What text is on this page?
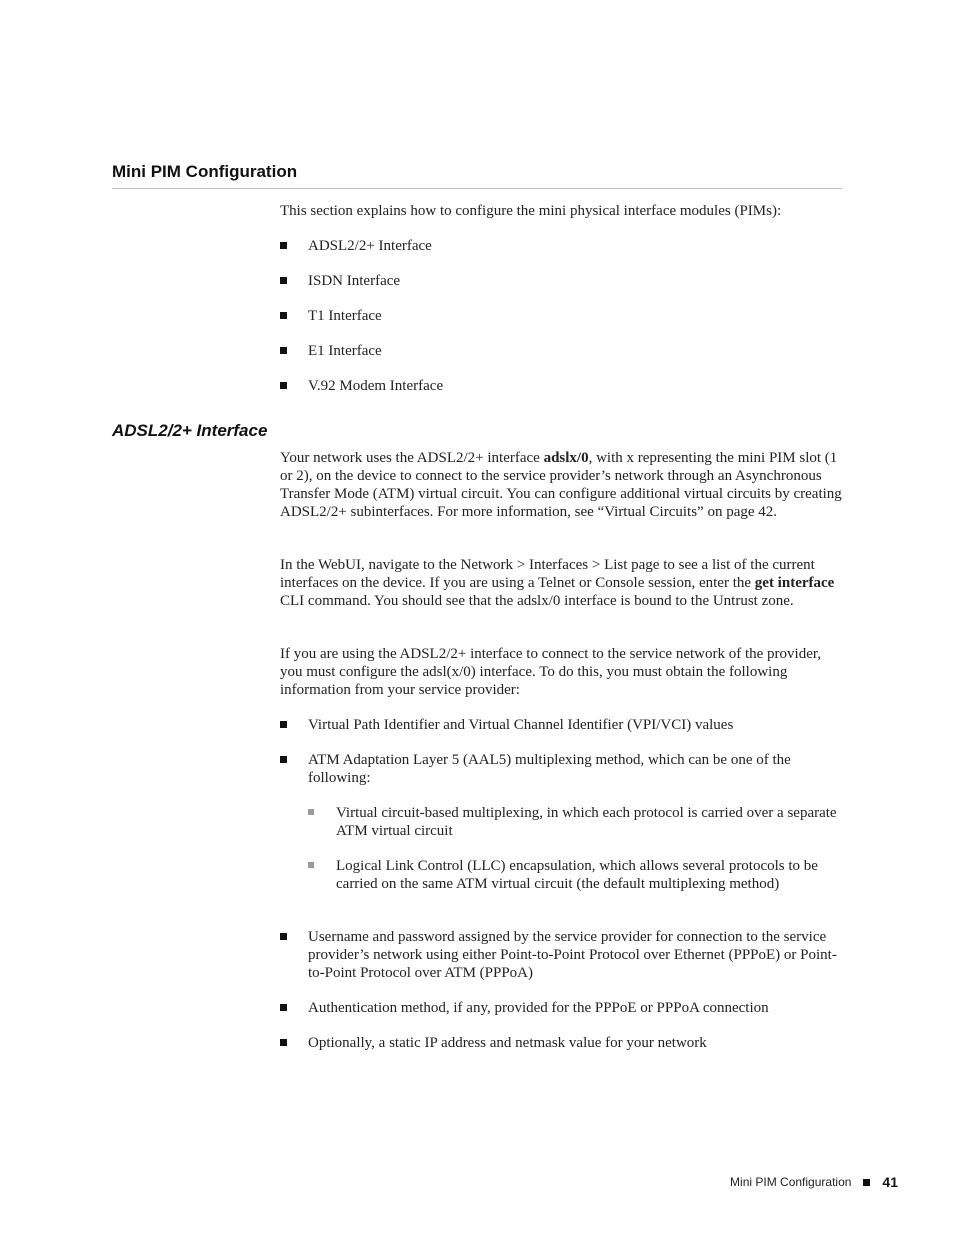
Mini PIM Configuration

This section explains how to configure the mini physical interface modules (PIMs):

ADSL2/2+ Interface
ISDN Interface
T1 Interface
E1 Interface
V.92 Modem Interface
ADSL2/2+ Interface

Your network uses the ADSL2/2+ interface adslx/0, with x representing the mini PIM slot (1 or 2), on the device to connect to the service provider’s network through an Asynchronous Transfer Mode (ATM) virtual circuit. You can configure additional virtual circuits by creating ADSL2/2+ subinterfaces. For more information, see “Virtual Circuits” on page 42.

In the WebUI, navigate to the Network > Interfaces > List page to see a list of the current interfaces on the device. If you are using a Telnet or Console session, enter the get interface CLI command. You should see that the adslx/0 interface is bound to the Untrust zone.

If you are using the ADSL2/2+ interface to connect to the service network of the provider, you must configure the adsl(x/0) interface. To do this, you must obtain the following information from your service provider:

Virtual Path Identifier and Virtual Channel Identifier (VPI/VCI) values
ATM Adaptation Layer 5 (AAL5) multiplexing method, which can be one of the following:
Virtual circuit-based multiplexing, in which each protocol is carried over a separate ATM virtual circuit
Logical Link Control (LLC) encapsulation, which allows several protocols to be carried on the same ATM virtual circuit (the default multiplexing method)
Username and password assigned by the service provider for connection to the service provider’s network using either Point-to-Point Protocol over Ethernet (PPPoE) or Point-to-Point Protocol over ATM (PPPoA)
Authentication method, if any, provided for the PPPoE or PPPoA connection
Optionally, a static IP address and netmask value for your network
Mini PIM Configuration 41
